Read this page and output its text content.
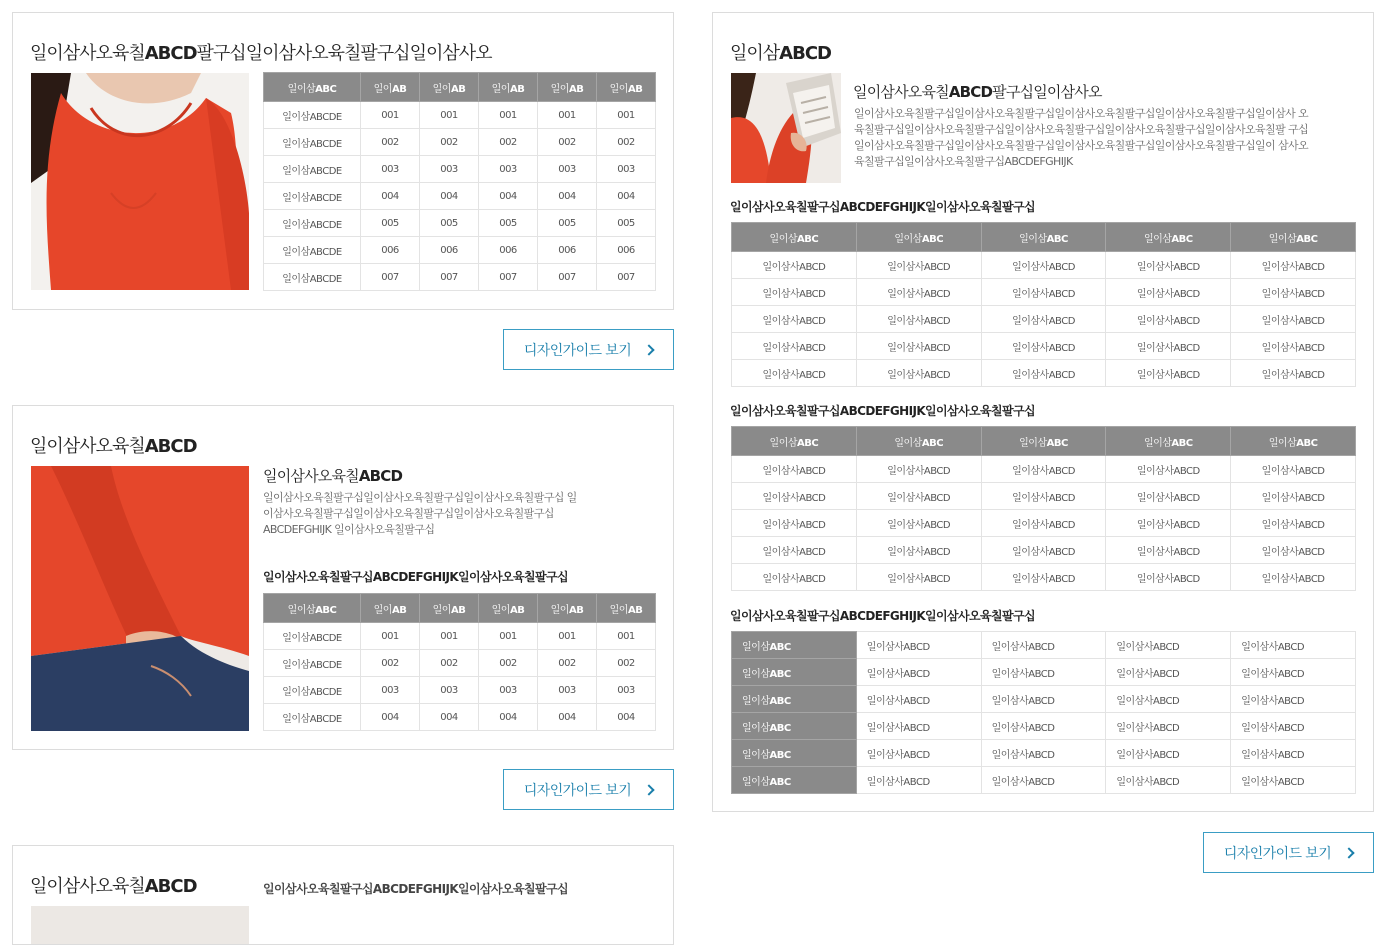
일이삼사오육칠ABCD팔구십일이삼사오육칠팔구십일이삼사오
일이삼ABC	일이AB	일이AB	일이AB	일이AB	일이AB
일이삼ABCDE	001	001	001	001	001
일이삼ABCDE	002	002	002	002	002
일이삼ABCDE	003	003	003	003	003
일이삼ABCDE	004	004	004	004	004
일이삼ABCDE	005	005	005	005	005
일이삼ABCDE	006	006	006	006	006
일이삼ABCDE	007	007	007	007	007
디자인가이드 보기
일이삼사오육칠ABCD
일이삼사오육칠ABCD

일이삼사오육칠팔구십일이삼사오육칠팔구십일이삼사오육칠팔구십 일이삼사오육칠팔구십일이삼사오육칠팔구십일이삼사오육칠팔구십 ABCDEFGHIJK 일이삼사오육칠팔구십

일이삼사오육칠팔구십ABCDEFGHIJK일이삼사오육칠팔구십
일이삼ABC	일이AB	일이AB	일이AB	일이AB	일이AB
일이삼ABCDE	001	001	001	001	001
일이삼ABCDE	002	002	002	002	002
일이삼ABCDE	003	003	003	003	003
일이삼ABCDE	004	004	004	004	004
디자인가이드 보기
일이삼사오육칠ABCD	일이삼사오육칠팔구십ABCDEFGHIJK일이삼사오육칠팔구십
일이삼ABCD
일이삼사오육칠ABCD팔구십일이삼사오

일이삼사오육칠팔구십일이삼사오육칠팔구십일이삼사오육칠팔구십일이삼사오육칠팔구십일이삼사 오육칠팔구십일이삼사오육칠팔구십일이삼사오육칠팔구십일이삼사오육칠팔구십일이삼사오육칠팔 구십일이삼사오육칠팔구십일이삼사오육칠팔구십일이삼사오육칠팔구십일이삼사오육칠팔구십일이 삼사오육칠팔구십일이삼사오육칠팔구십ABCDEFGHIJK

일이삼사오육칠팔구십ABCDEFGHIJK일이삼사오육칠팔구십
일이삼ABC	일이삼ABC	일이삼ABC	일이삼ABC	일이삼ABC
일이삼사ABCD	일이삼사ABCD	일이삼사ABCD	일이삼사ABCD	일이삼사ABCD
일이삼사ABCD	일이삼사ABCD	일이삼사ABCD	일이삼사ABCD	일이삼사ABCD
일이삼사ABCD	일이삼사ABCD	일이삼사ABCD	일이삼사ABCD	일이삼사ABCD
일이삼사ABCD	일이삼사ABCD	일이삼사ABCD	일이삼사ABCD	일이삼사ABCD
일이삼사ABCD	일이삼사ABCD	일이삼사ABCD	일이삼사ABCD	일이삼사ABCD
일이삼사오육칠팔구십ABCDEFGHIJK일이삼사오육칠팔구십
일이삼ABC	일이삼ABC	일이삼ABC	일이삼ABC	일이삼ABC
일이삼사ABCD	일이삼사ABCD	일이삼사ABCD	일이삼사ABCD	일이삼사ABCD
일이삼사ABCD	일이삼사ABCD	일이삼사ABCD	일이삼사ABCD	일이삼사ABCD
일이삼사ABCD	일이삼사ABCD	일이삼사ABCD	일이삼사ABCD	일이삼사ABCD
일이삼사ABCD	일이삼사ABCD	일이삼사ABCD	일이삼사ABCD	일이삼사ABCD
일이삼사ABCD	일이삼사ABCD	일이삼사ABCD	일이삼사ABCD	일이삼사ABCD
일이삼사오육칠팔구십ABCDEFGHIJK일이삼사오육칠팔구십
일이삼ABC	일이삼사ABCD	일이삼사ABCD	일이삼사ABCD	일이삼사ABCD
일이삼ABC	일이삼사ABCD	일이삼사ABCD	일이삼사ABCD	일이삼사ABCD
일이삼ABC	일이삼사ABCD	일이삼사ABCD	일이삼사ABCD	일이삼사ABCD
일이삼ABC	일이삼사ABCD	일이삼사ABCD	일이삼사ABCD	일이삼사ABCD
일이삼ABC	일이삼사ABCD	일이삼사ABCD	일이삼사ABCD	일이삼사ABCD
일이삼ABC	일이삼사ABCD	일이삼사ABCD	일이삼사ABCD	일이삼사ABCD
디자인가이드 보기
